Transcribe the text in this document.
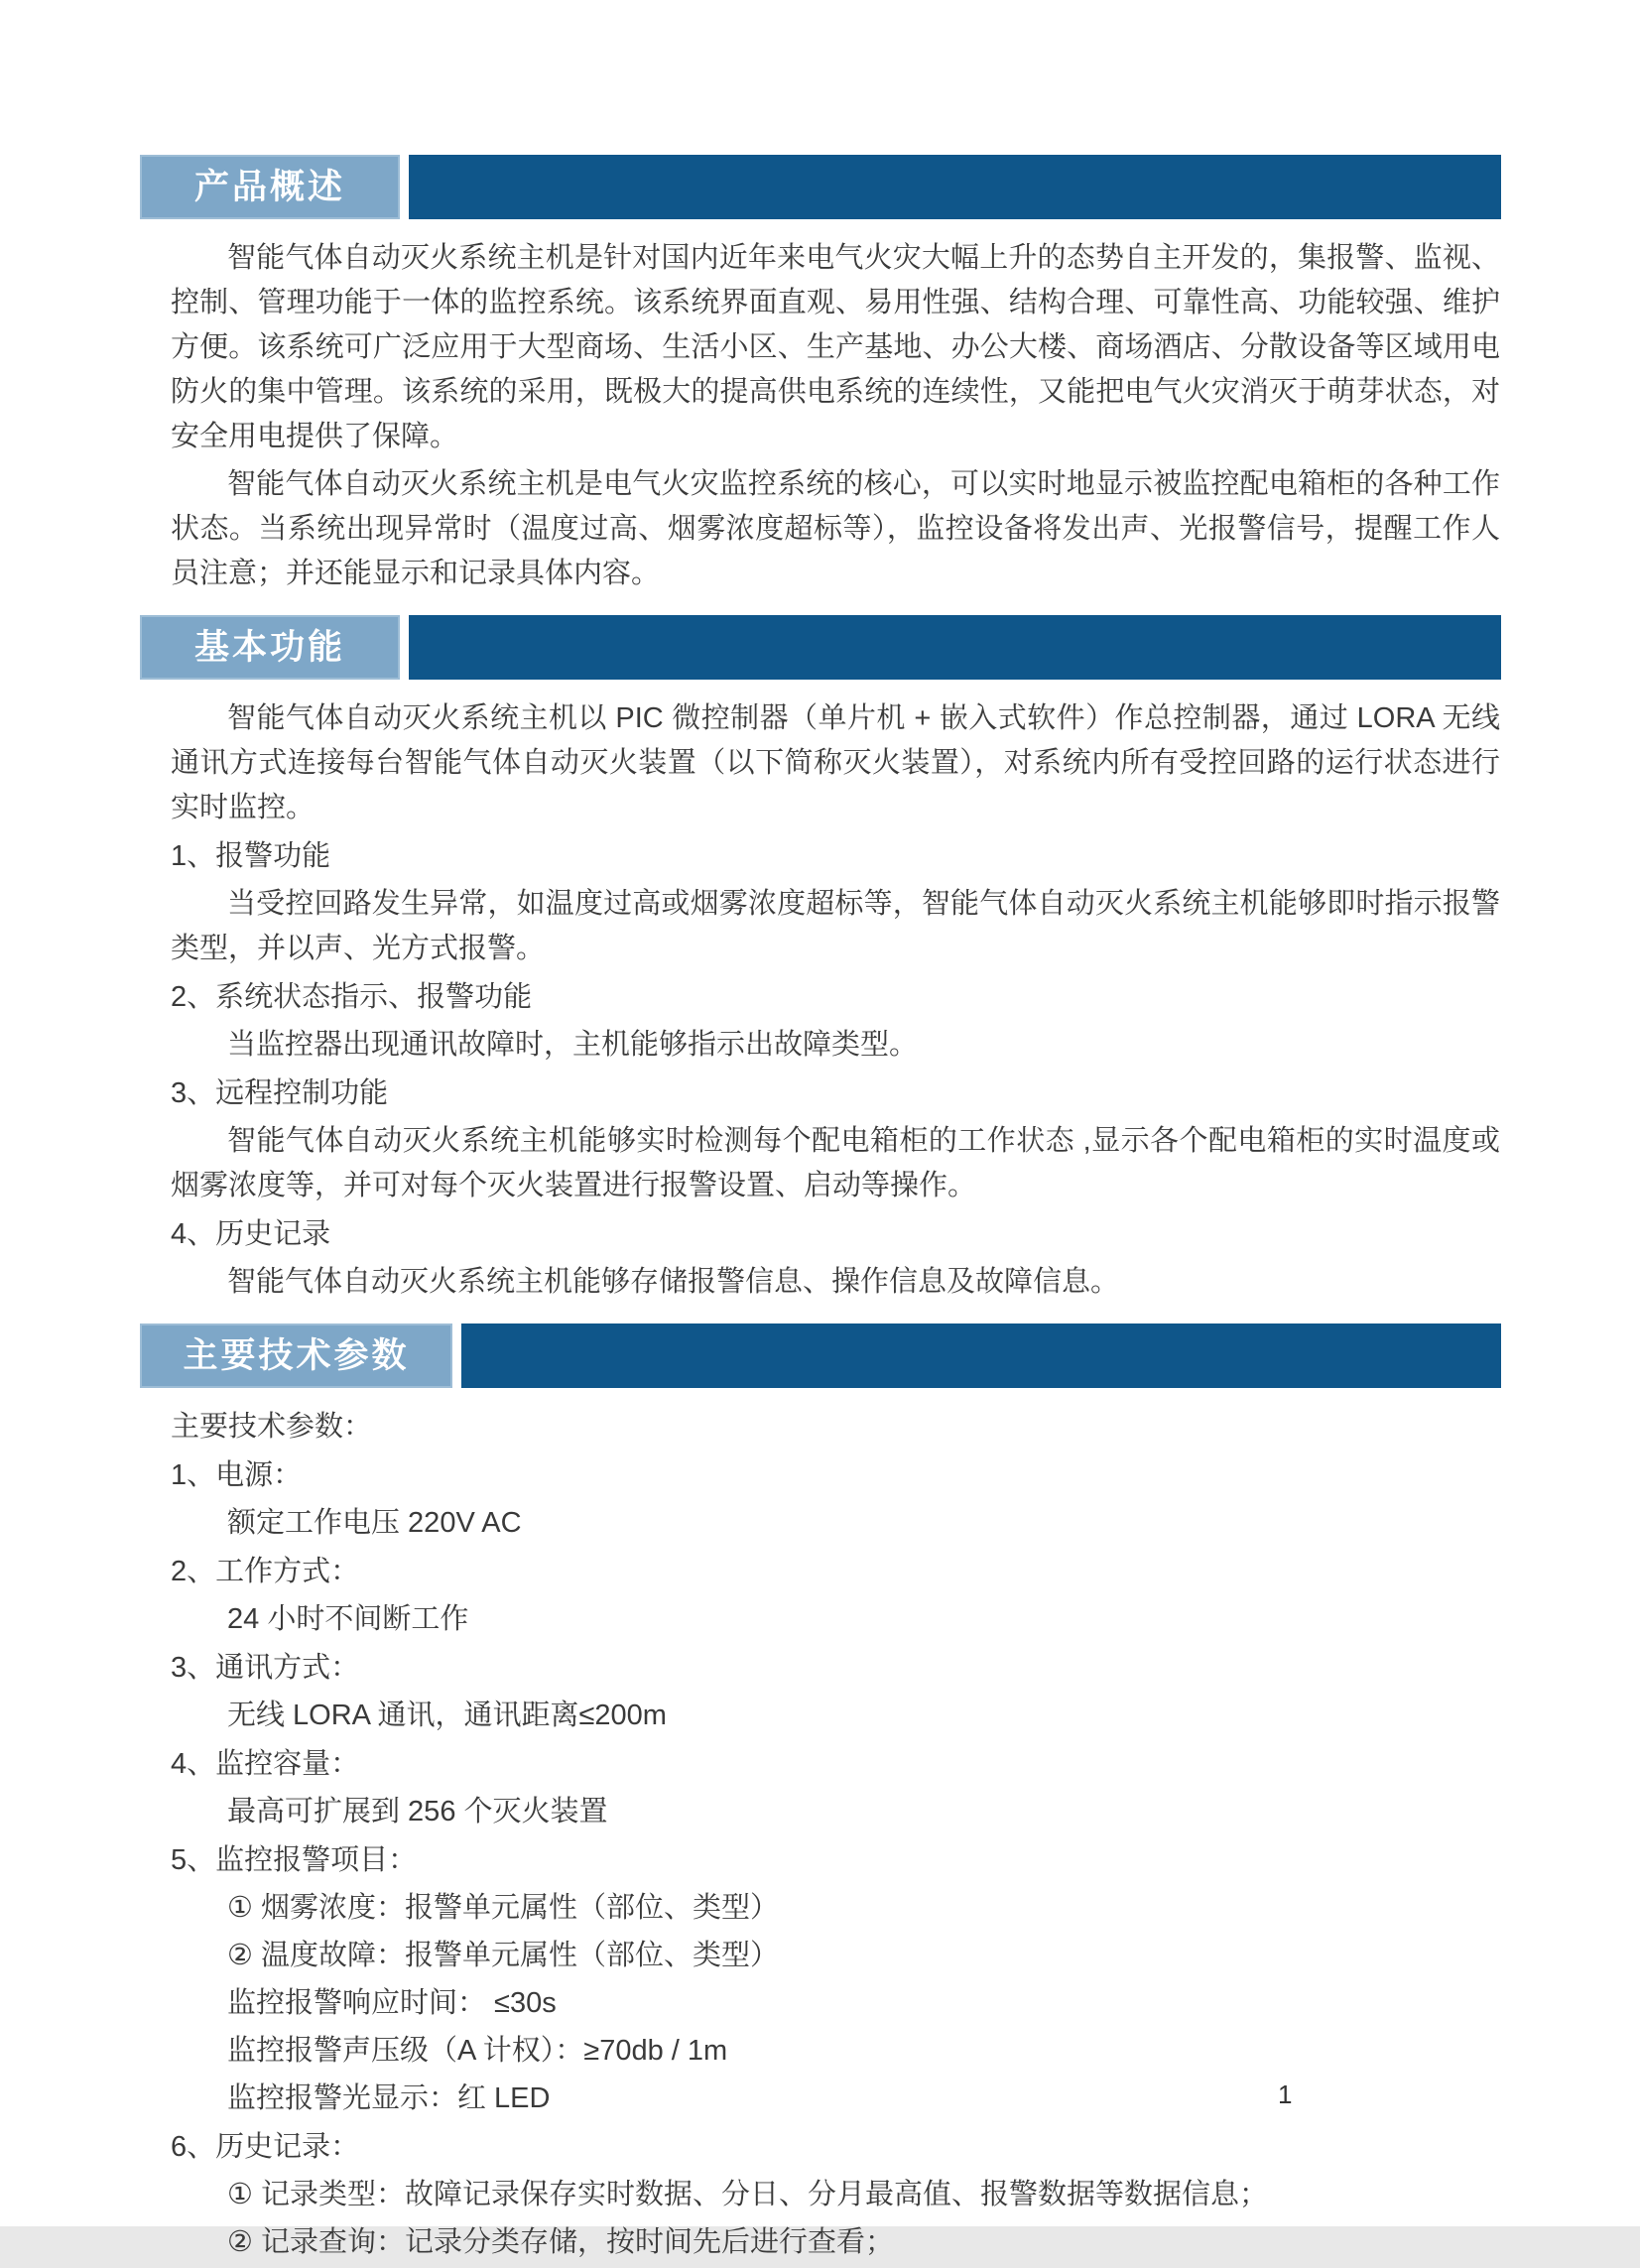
产品概述

智能气体自动灭火系统主机是针对国内近年来电气火灾大幅上升的态势自主开发的，集报警、监视、控制、管理功能于一体的监控系统。该系统界面直观、易用性强、结构合理、可靠性高、功能较强、维护方便。该系统可广泛应用于大型商场、生活小区、生产基地、办公大楼、商场酒店、分散设备等区域用电防火的集中管理。该系统的采用，既极大的提高供电系统的连续性，又能把电气火灾消灭于萌芽状态，对安全用电提供了保障。

智能气体自动灭火系统主机是电气火灾监控系统的核心，可以实时地显示被监控配电箱柜的各种工作状态。当系统出现异常时（温度过高、烟雾浓度超标等），监控设备将发出声、光报警信号，提醒工作人员注意；并还能显示和记录具体内容。

基本功能

智能气体自动灭火系统主机以 PIC 微控制器（单片机 + 嵌入式软件）作总控制器，通过 LORA 无线通讯方式连接每台智能气体自动灭火装置（以下简称灭火装置），对系统内所有受控回路的运行状态进行实时监控。

1、报警功能

当受控回路发生异常，如温度过高或烟雾浓度超标等，智能气体自动灭火系统主机能够即时指示报警类型，并以声、光方式报警。

2、系统状态指示、报警功能

当监控器出现通讯故障时，主机能够指示出故障类型。

3、远程控制功能

智能气体自动灭火系统主机能够实时检测每个配电箱柜的工作状态 ,显示各个配电箱柜的实时温度或烟雾浓度等，并可对每个灭火装置进行报警设置、启动等操作。

4、历史记录

智能气体自动灭火系统主机能够存储报警信息、操作信息及故障信息。

主要技术参数

主要技术参数：

1、电源：

额定工作电压 220V AC

2、工作方式：

24 小时不间断工作

3、通讯方式：

无线 LORA 通讯，通讯距离≤200m

4、监控容量：

最高可扩展到 256 个灭火装置

5、监控报警项目：

① 烟雾浓度：报警单元属性（部位、类型）

② 温度故障：报警单元属性（部位、类型）

监控报警响应时间： ≤30s

监控报警声压级（A 计权）：≥70db / 1m

监控报警光显示：红 LED

6、历史记录：

① 记录类型：故障记录保存实时数据、分日、分月最高值、报警数据等数据信息；

② 记录查询：记录分类存储，按时间先后进行查看；

1
